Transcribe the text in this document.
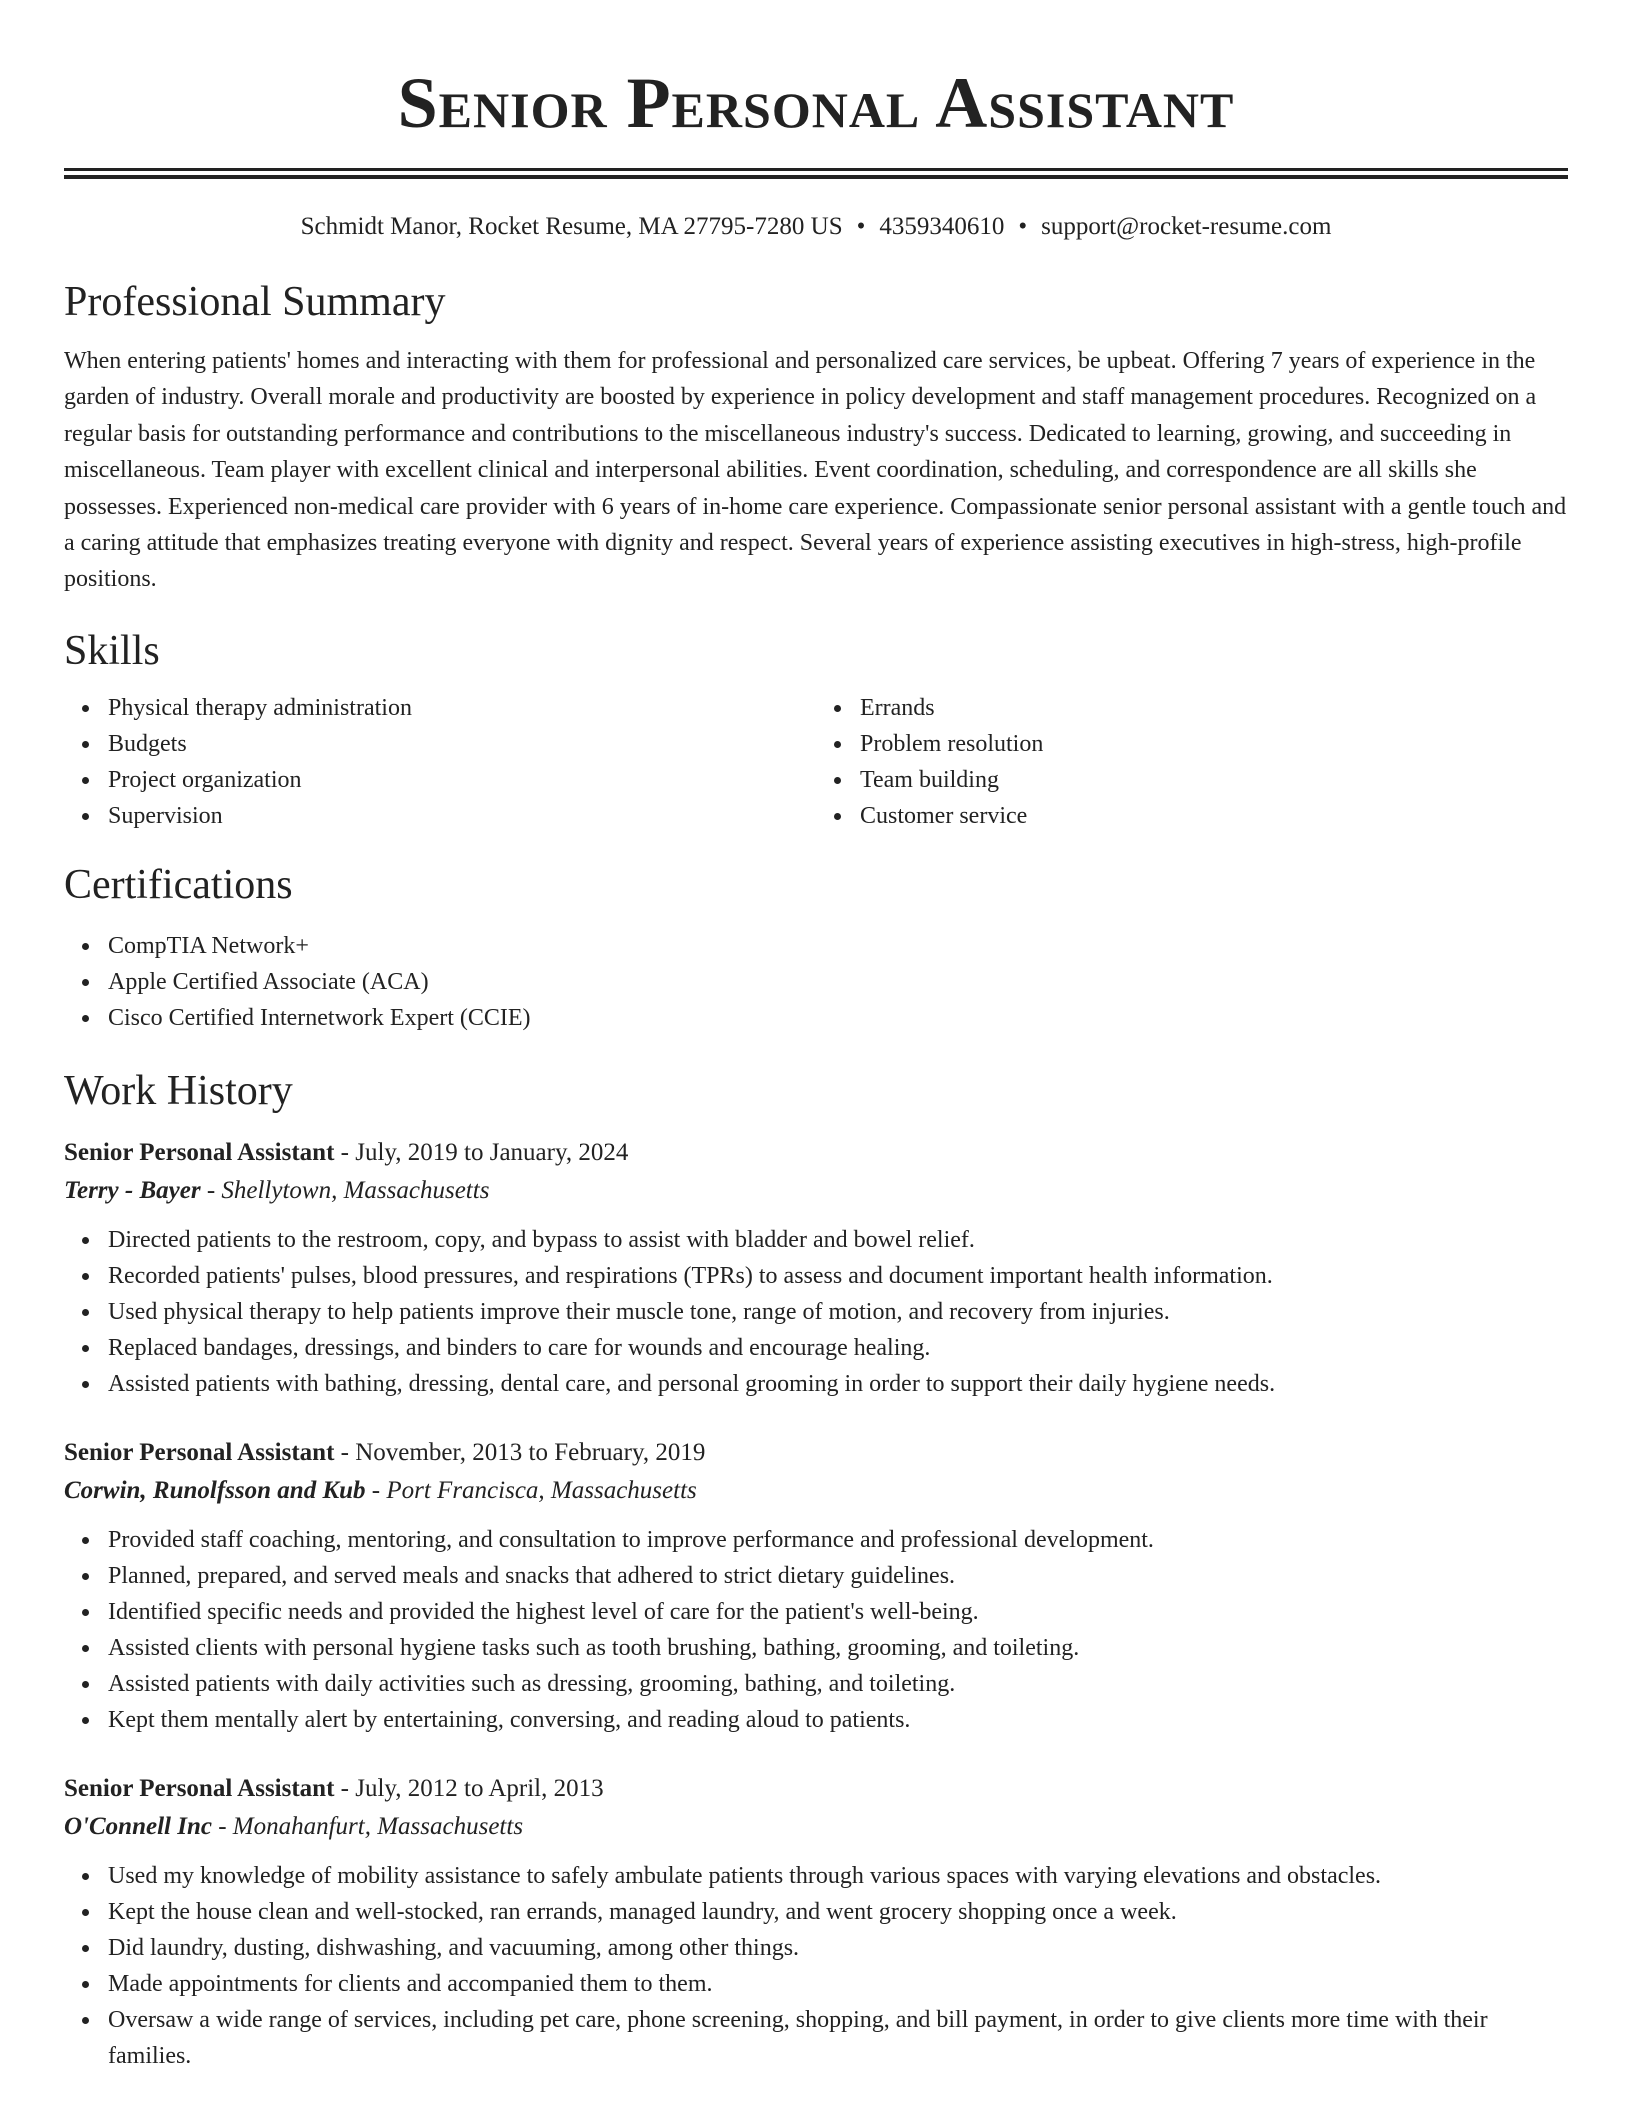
Senior Personal Assistant
Schmidt Manor, Rocket Resume, MA 27795-7280 US • 4359340610 • support@rocket-resume.com
Professional Summary

When entering patients' homes and interacting with them for professional and personalized care services, be upbeat. Offering 7 years of experience in the garden of industry. Overall morale and productivity are boosted by experience in policy development and staff management procedures. Recognized on a regular basis for outstanding performance and contributions to the miscellaneous industry's success. Dedicated to learning, growing, and succeeding in miscellaneous. Team player with excellent clinical and interpersonal abilities. Event coordination, scheduling, and correspondence are all skills she possesses. Experienced non-medical care provider with 6 years of in-home care experience. Compassionate senior personal assistant with a gentle touch and a caring attitude that emphasizes treating everyone with dignity and respect. Several years of experience assisting executives in high-stress, high-profile positions.

Skills
Physical therapy administration
Budgets
Project organization
Supervision
Errands
Problem resolution
Team building
Customer service
Certifications
CompTIA Network+
Apple Certified Associate (ACA)
Cisco Certified Internetwork Expert (CCIE)
Work History
Senior Personal Assistant - July, 2019 to January, 2024
Terry - Bayer - Shellytown, Massachusetts
Directed patients to the restroom, copy, and bypass to assist with bladder and bowel relief.
Recorded patients' pulses, blood pressures, and respirations (TPRs) to assess and document important health information.
Used physical therapy to help patients improve their muscle tone, range of motion, and recovery from injuries.
Replaced bandages, dressings, and binders to care for wounds and encourage healing.
Assisted patients with bathing, dressing, dental care, and personal grooming in order to support their daily hygiene needs.
Senior Personal Assistant - November, 2013 to February, 2019
Corwin, Runolfsson and Kub - Port Francisca, Massachusetts
Provided staff coaching, mentoring, and consultation to improve performance and professional development.
Planned, prepared, and served meals and snacks that adhered to strict dietary guidelines.
Identified specific needs and provided the highest level of care for the patient's well-being.
Assisted clients with personal hygiene tasks such as tooth brushing, bathing, grooming, and toileting.
Assisted patients with daily activities such as dressing, grooming, bathing, and toileting.
Kept them mentally alert by entertaining, conversing, and reading aloud to patients.
Senior Personal Assistant - July, 2012 to April, 2013
O'Connell Inc - Monahanfurt, Massachusetts
Used my knowledge of mobility assistance to safely ambulate patients through various spaces with varying elevations and obstacles.
Kept the house clean and well-stocked, ran errands, managed laundry, and went grocery shopping once a week.
Did laundry, dusting, dishwashing, and vacuuming, among other things.
Made appointments for clients and accompanied them to them.
Oversaw a wide range of services, including pet care, phone screening, shopping, and bill payment, in order to give clients more time with their families.
